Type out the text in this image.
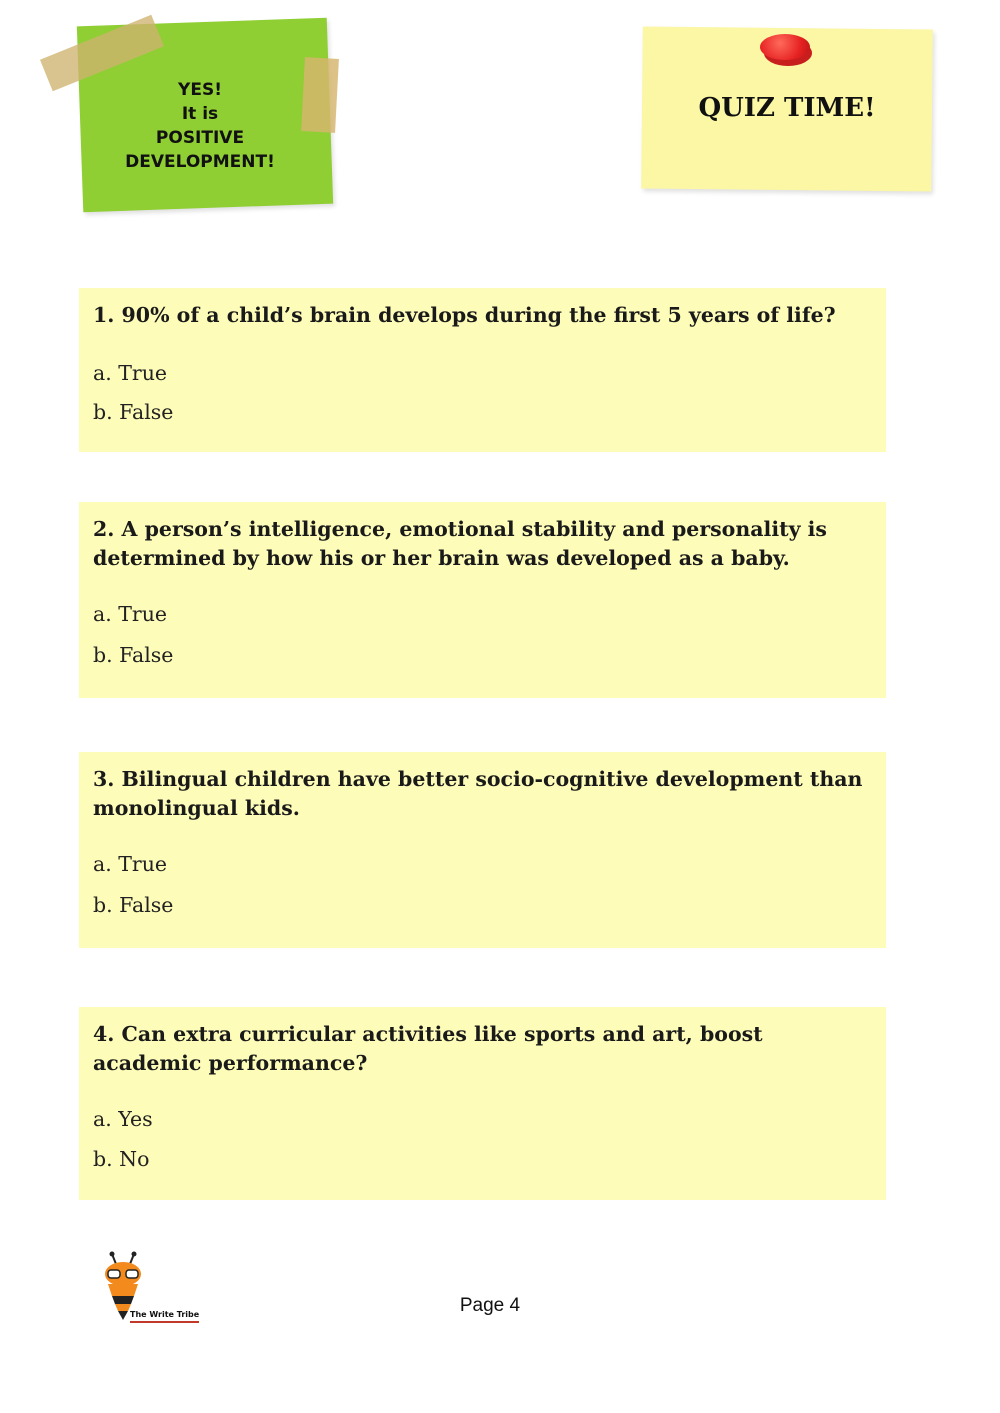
YES!
It is
POSITIVE DEVELOPMENT!
QUIZ TIME!

1. 90% of a child’s brain develops during the first 5 years of life?

a. True

b. False

2. A person’s intelligence, emotional stability and personality is determined by how his or her brain was developed as a baby.

a. True

b. False

3. Bilingual children have better socio-cognitive development than monolingual kids.

a. True

b. False

4. Can extra curricular activities like sports and art, boost academic performance?

a. Yes

b. No

The Write Tribe	Page 4
